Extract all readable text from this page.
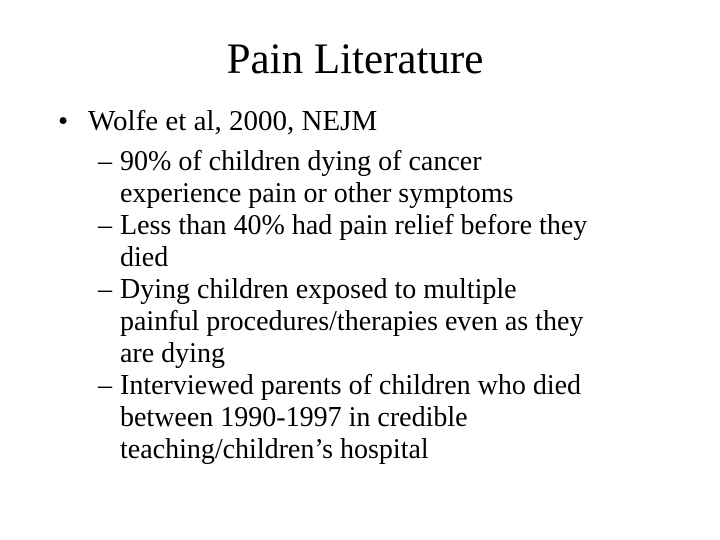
Pain Literature
• Wolfe et al, 2000, NEJM
– 90% of children dying of cancer
experience pain or other symptoms
– Less than 40% had pain relief before they
died
– Dying children exposed to multiple
painful procedures/therapies even as they
are dying
– Interviewed parents of children who died
between 1990-1997 in credible
teaching/children’s hospital
